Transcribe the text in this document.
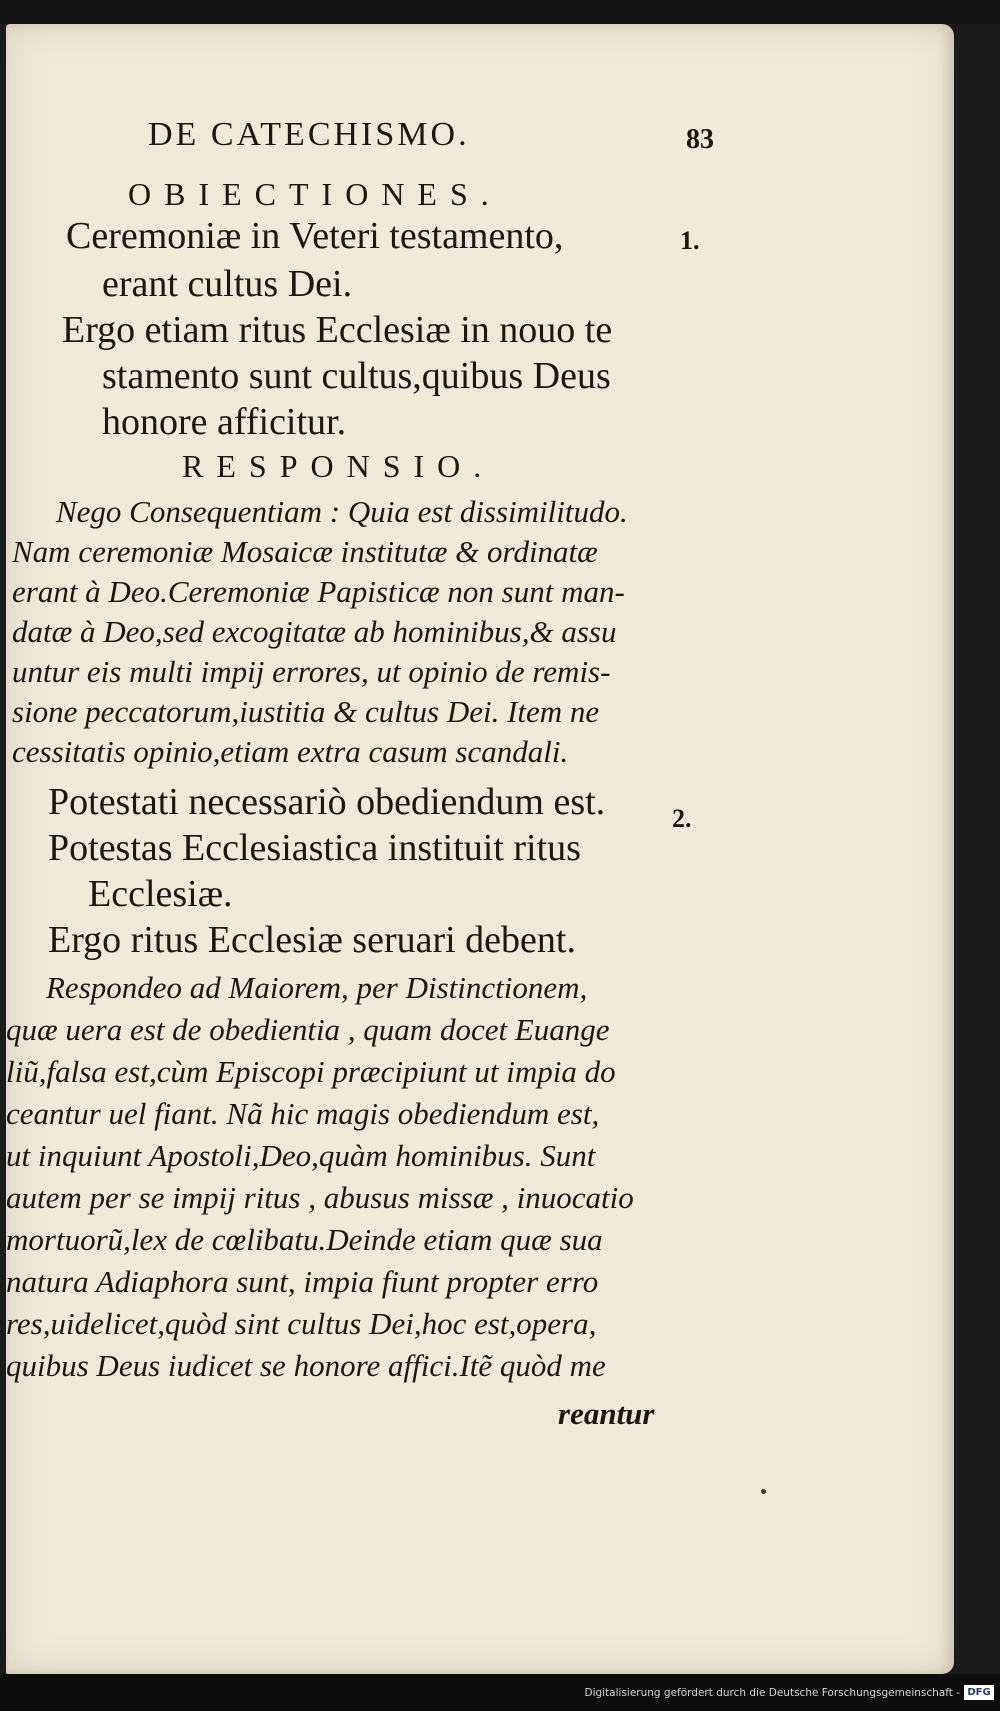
DE CATECHISMO.	83
OBIECTIONES.
Ceremoniæ in Veteri testamento,	1.
erant cultus Dei.
Ergo etiam ritus Ecclesiæ in nouo te
stamento sunt cultus,quibus Deus
honore afficitur.
RESPONSIO.
Nego Consequentiam : Quia est dissimilitudo.
Nam ceremoniæ Mosaicæ institutæ & ordinatæ
erant à Deo.Ceremoniæ Papisticæ non sunt man-
datæ à Deo,sed excogitatæ ab hominibus,& assu
untur eis multi impij errores, ut opinio de remis-
sione peccatorum,iustitia & cultus Dei. Item ne
cessitatis opinio,etiam extra casum scandali.
Potestati necessariò obediendum est.	2.
Potestas Ecclesiastica instituit ritus
Ecclesiæ.
Ergo ritus Ecclesiæ seruari debent.
Respondeo ad Maiorem, per Distinctionem,
quæ uera est de obedientia , quam docet Euange
liũ,falsa est,cùm Episcopi præcipiunt ut impia do
ceantur uel fiant. Nã hic magis obediendum est,
ut inquiunt Apostoli,Deo,quàm hominibus. Sunt
autem per se impij ritus , abusus missæ , inuocatio
mortuorũ,lex de cœlibatu.Deinde etiam quæ sua
natura Adiaphora sunt, impia fiunt propter erro
res,uidelicet,quòd sint cultus Dei,hoc est,opera,
quibus Deus iudicet se honore affici.Itẽ quòd me
reantur
Digitalisierung gefördert durch die Deutsche Forschungsgemeinschaft - DFG
